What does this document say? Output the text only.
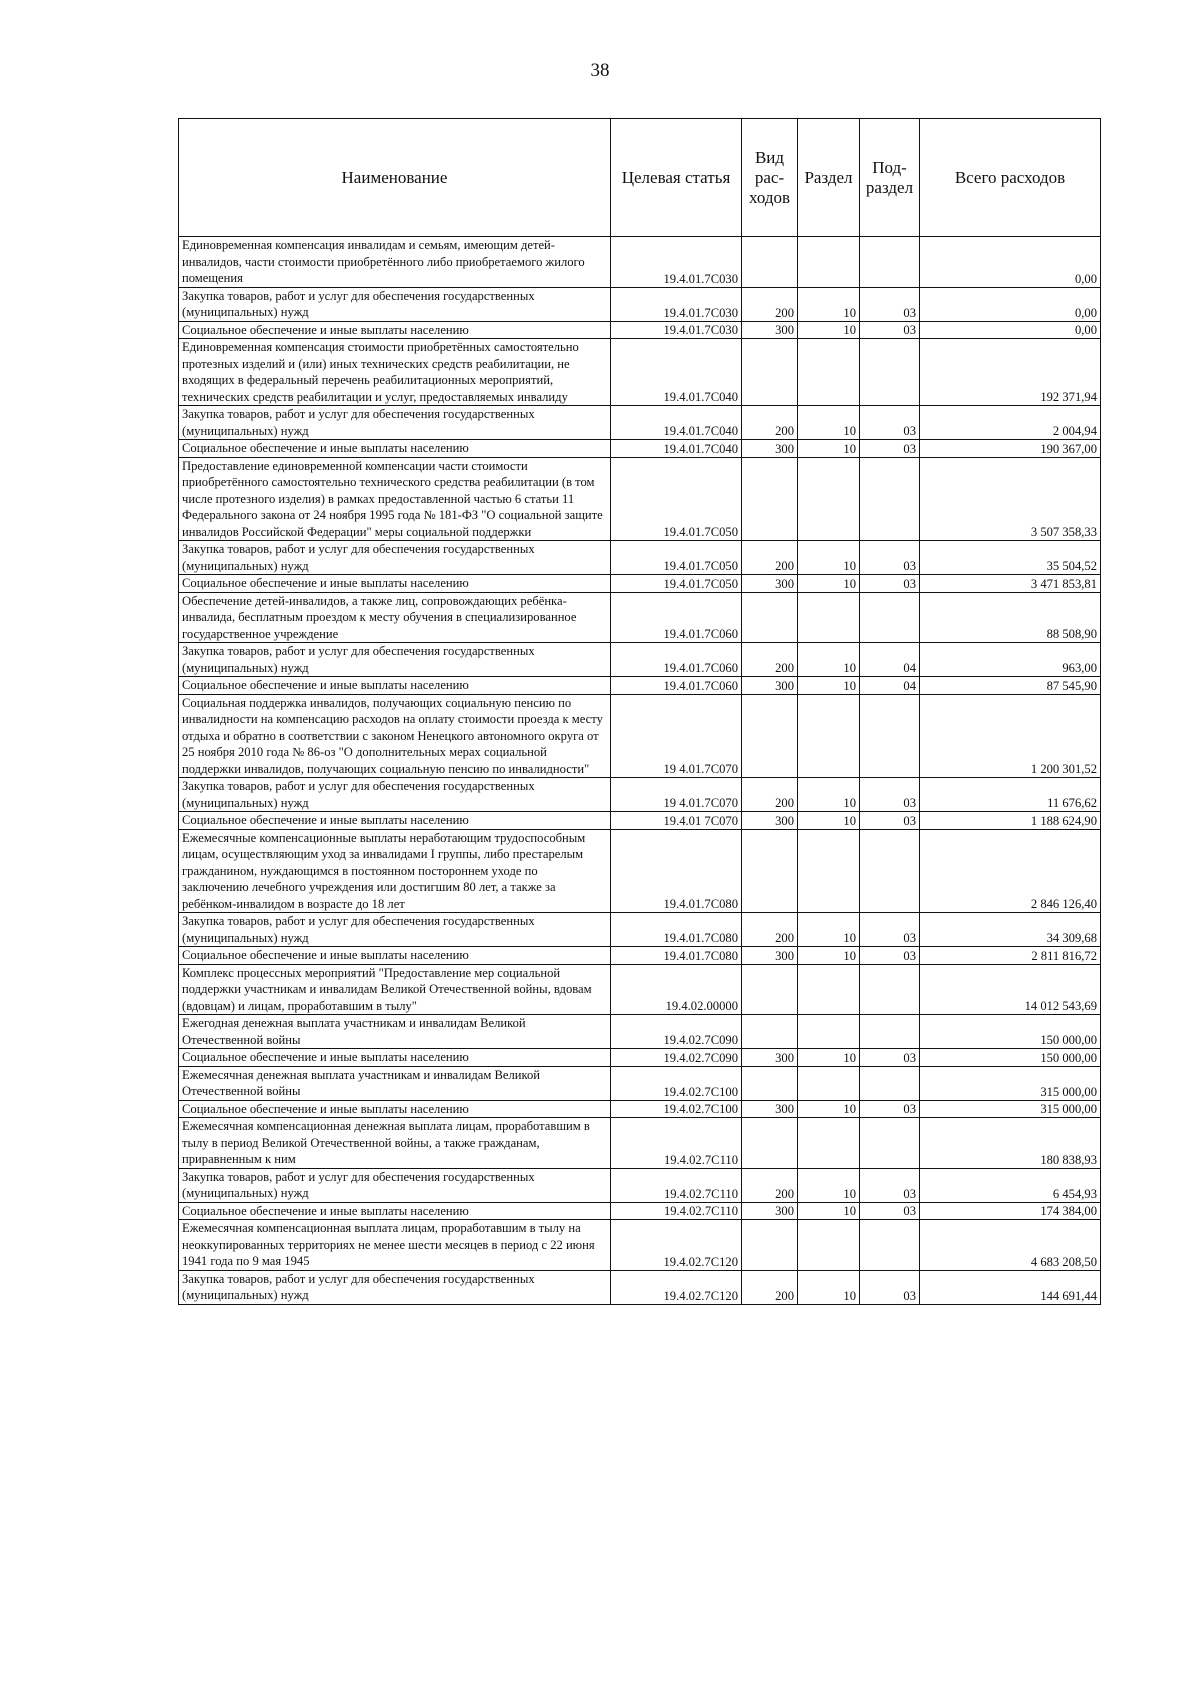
38
Наименование	Целевая статья	Вид рас-ходов	Раздел	Под-раздел	Всего расходов
Единовременная компенсация инвалидам и семьям, имеющим детей-инвалидов, части стоимости приобретённого либо приобретаемого жилого помещения	19.4.01.7С030				0,00
Закупка товаров, работ и услуг для обеспечения государственных (муниципальных) нужд	19.4.01.7С030	200	10	03	0,00
Социальное обеспечение и иные выплаты населению	19.4.01.7С030	300	10	03	0,00
Единовременная компенсация стоимости приобретённых самостоятельно протезных изделий и (или) иных технических средств реабилитации, не входящих в федеральный перечень реабилитационных мероприятий, технических средств реабилитации и услуг, предоставляемых инвалиду	19.4.01.7С040				192 371,94
Закупка товаров, работ и услуг для обеспечения государственных (муниципальных) нужд	19.4.01.7С040	200	10	03	2 004,94
Социальное обеспечение и иные выплаты населению	19.4.01.7С040	300	10	03	190 367,00
Предоставление единовременной компенсации части стоимости приобретённого самостоятельно технического средства реабилитации (в том числе протезного изделия) в рамках предоставленной частью 6 статьи 11 Федерального закона от 24 ноября 1995 года № 181-ФЗ "О социальной защите инвалидов Российской Федерации" меры социальной поддержки	19.4.01.7С050				3 507 358,33
Закупка товаров, работ и услуг для обеспечения государственных (муниципальных) нужд	19.4.01.7С050	200	10	03	35 504,52
Социальное обеспечение и иные выплаты населению	19.4.01.7С050	300	10	03	3 471 853,81
Обеспечение детей-инвалидов, а также лиц, сопровождающих ребёнка-инвалида, бесплатным проездом к месту обучения в специализированное государственное учреждение	19.4.01.7С060				88 508,90
Закупка товаров, работ и услуг для обеспечения государственных (муниципальных) нужд	19.4.01.7С060	200	10	04	963,00
Социальное обеспечение и иные выплаты населению	19.4.01.7С060	300	10	04	87 545,90
Социальная поддержка инвалидов, получающих социальную пенсию по инвалидности на компенсацию расходов на оплату стоимости проезда к месту отдыха и обратно в соответствии с законом Ненецкого автономного округа от 25 ноября 2010 года № 86-оз "О дополнительных мерах социальной поддержки инвалидов, получающих социальную пенсию по инвалидности"	19 4.01.7С070				1 200 301,52
Закупка товаров, работ и услуг для обеспечения государственных (муниципальных) нужд	19 4.01.7С070	200	10	03	11 676,62
Социальное обеспечение и иные выплаты населению	19.4.01 7С070	300	10	03	1 188 624,90
Ежемесячные компенсационные выплаты неработающим трудоспособным лицам, осуществляющим уход за инвалидами I группы, либо престарелым гражданином, нуждающимся в постоянном постороннем уходе по заключению лечебного учреждения или достигшим 80 лет, а также за ребёнком-инвалидом в возрасте до 18 лет	19.4.01.7С080				2 846 126,40
Закупка товаров, работ и услуг для обеспечения государственных (муниципальных) нужд	19.4.01.7С080	200	10	03	34 309,68
Социальное обеспечение и иные выплаты населению	19.4.01.7С080	300	10	03	2 811 816,72
Комплекс процессных мероприятий "Предоставление мер социальной поддержки участникам и инвалидам Великой Отечественной войны, вдовам (вдовцам) и лицам, проработавшим в тылу"	19.4.02.00000				14 012 543,69
Ежегодная денежная выплата участникам и инвалидам Великой Отечественной войны	19.4.02.7С090				150 000,00
Социальное обеспечение и иные выплаты населению	19.4.02.7С090	300	10	03	150 000,00
Ежемесячная денежная выплата участникам и инвалидам Великой Отечественной войны	19.4.02.7С100				315 000,00
Социальное обеспечение и иные выплаты населению	19.4.02.7С100	300	10	03	315 000,00
Ежемесячная компенсационная денежная выплата лицам, проработавшим в тылу в период Великой Отечественной войны, а также гражданам, приравненным к ним	19.4.02.7С110				180 838,93
Закупка товаров, работ и услуг для обеспечения государственных (муниципальных) нужд	19.4.02.7С110	200	10	03	6 454,93
Социальное обеспечение и иные выплаты населению	19.4.02.7С110	300	10	03	174 384,00
Ежемесячная компенсационная выплата лицам, проработавшим в тылу на неоккупированных территориях не менее шести месяцев в период с 22 июня 1941 года по 9 мая 1945	19.4.02.7С120				4 683 208,50
Закупка товаров, работ и услуг для обеспечения государственных (муниципальных) нужд	19.4.02.7С120	200	10	03	144 691,44
